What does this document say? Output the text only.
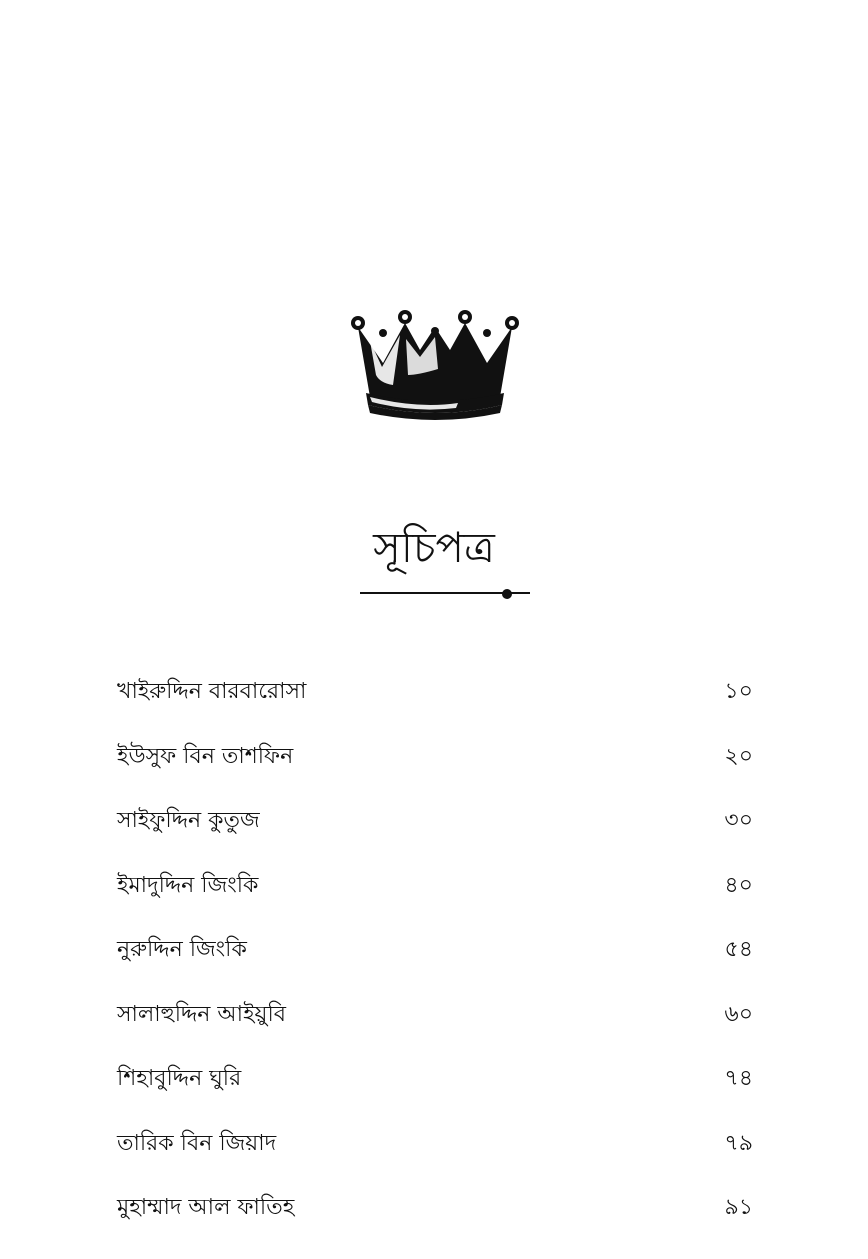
সূচিপত্র
খাইরুদ্দিন বারবারোসা	১০
ইউসুফ বিন তাশফিন	২০
সাইফুদ্দিন কুতুজ	৩০
ইমাদুদ্দিন জিংকি	৪০
নুরুদ্দিন জিংকি	৫৪
সালাহুদ্দিন আইয়ুবি	৬০
শিহাবুদ্দিন ঘুরি	৭৪
তারিক বিন জিয়াদ	৭৯
মুহাম্মাদ আল ফাতিহ	৯১
